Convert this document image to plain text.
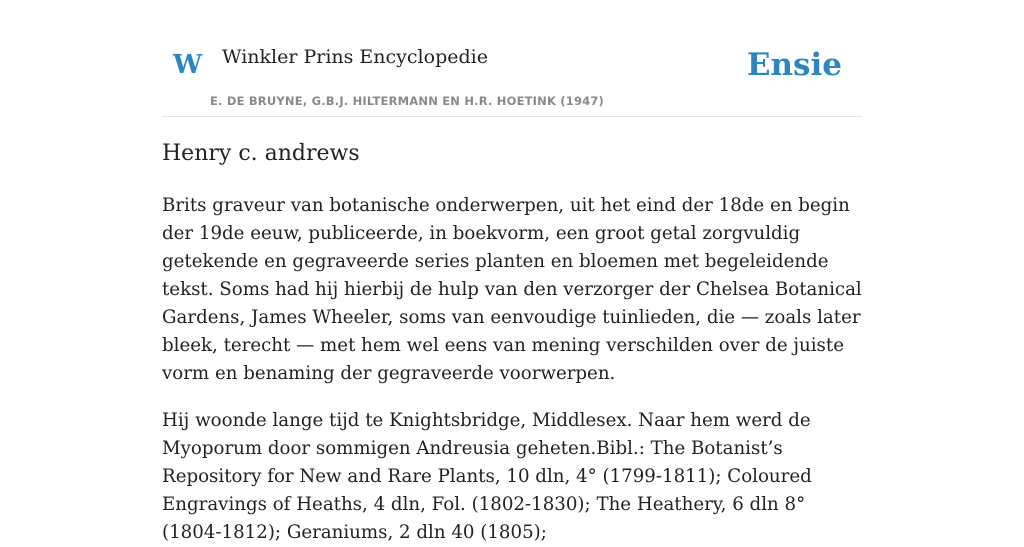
W Winkler Prins Encyclopedie
E. DE BRUYNE, G.B.J. HILTERMANN EN H.R. HOETINK (1947)
Ensie
Henry c. andrews

Brits graveur van botanische onderwerpen, uit het eind der 18de en begin der 19de eeuw, publiceerde, in boekvorm, een groot getal zorgvuldig getekende en gegraveerde series planten en bloemen met begeleidende tekst. Soms had hij hierbij de hulp van den verzorger der Chelsea Botanical Gardens, James Wheeler, soms van eenvoudige tuinlieden, die — zoals later bleek, terecht — met hem wel eens van mening verschilden over de juiste vorm en benaming der gegraveerde voorwerpen.

Hij woonde lange tijd te Knightsbridge, Middlesex. Naar hem werd de Myoporum door sommigen Andreusia geheten.Bibl.: The Botanist’s Repository for New and Rare Plants, 10 dln, 4° (1799-1811); Coloured Engravings of Heaths, 4 dln, Fol. (1802-1830); The Heathery, 6 dln 8° (1804-1812); Geraniums, 2 dln 40 (1805);
